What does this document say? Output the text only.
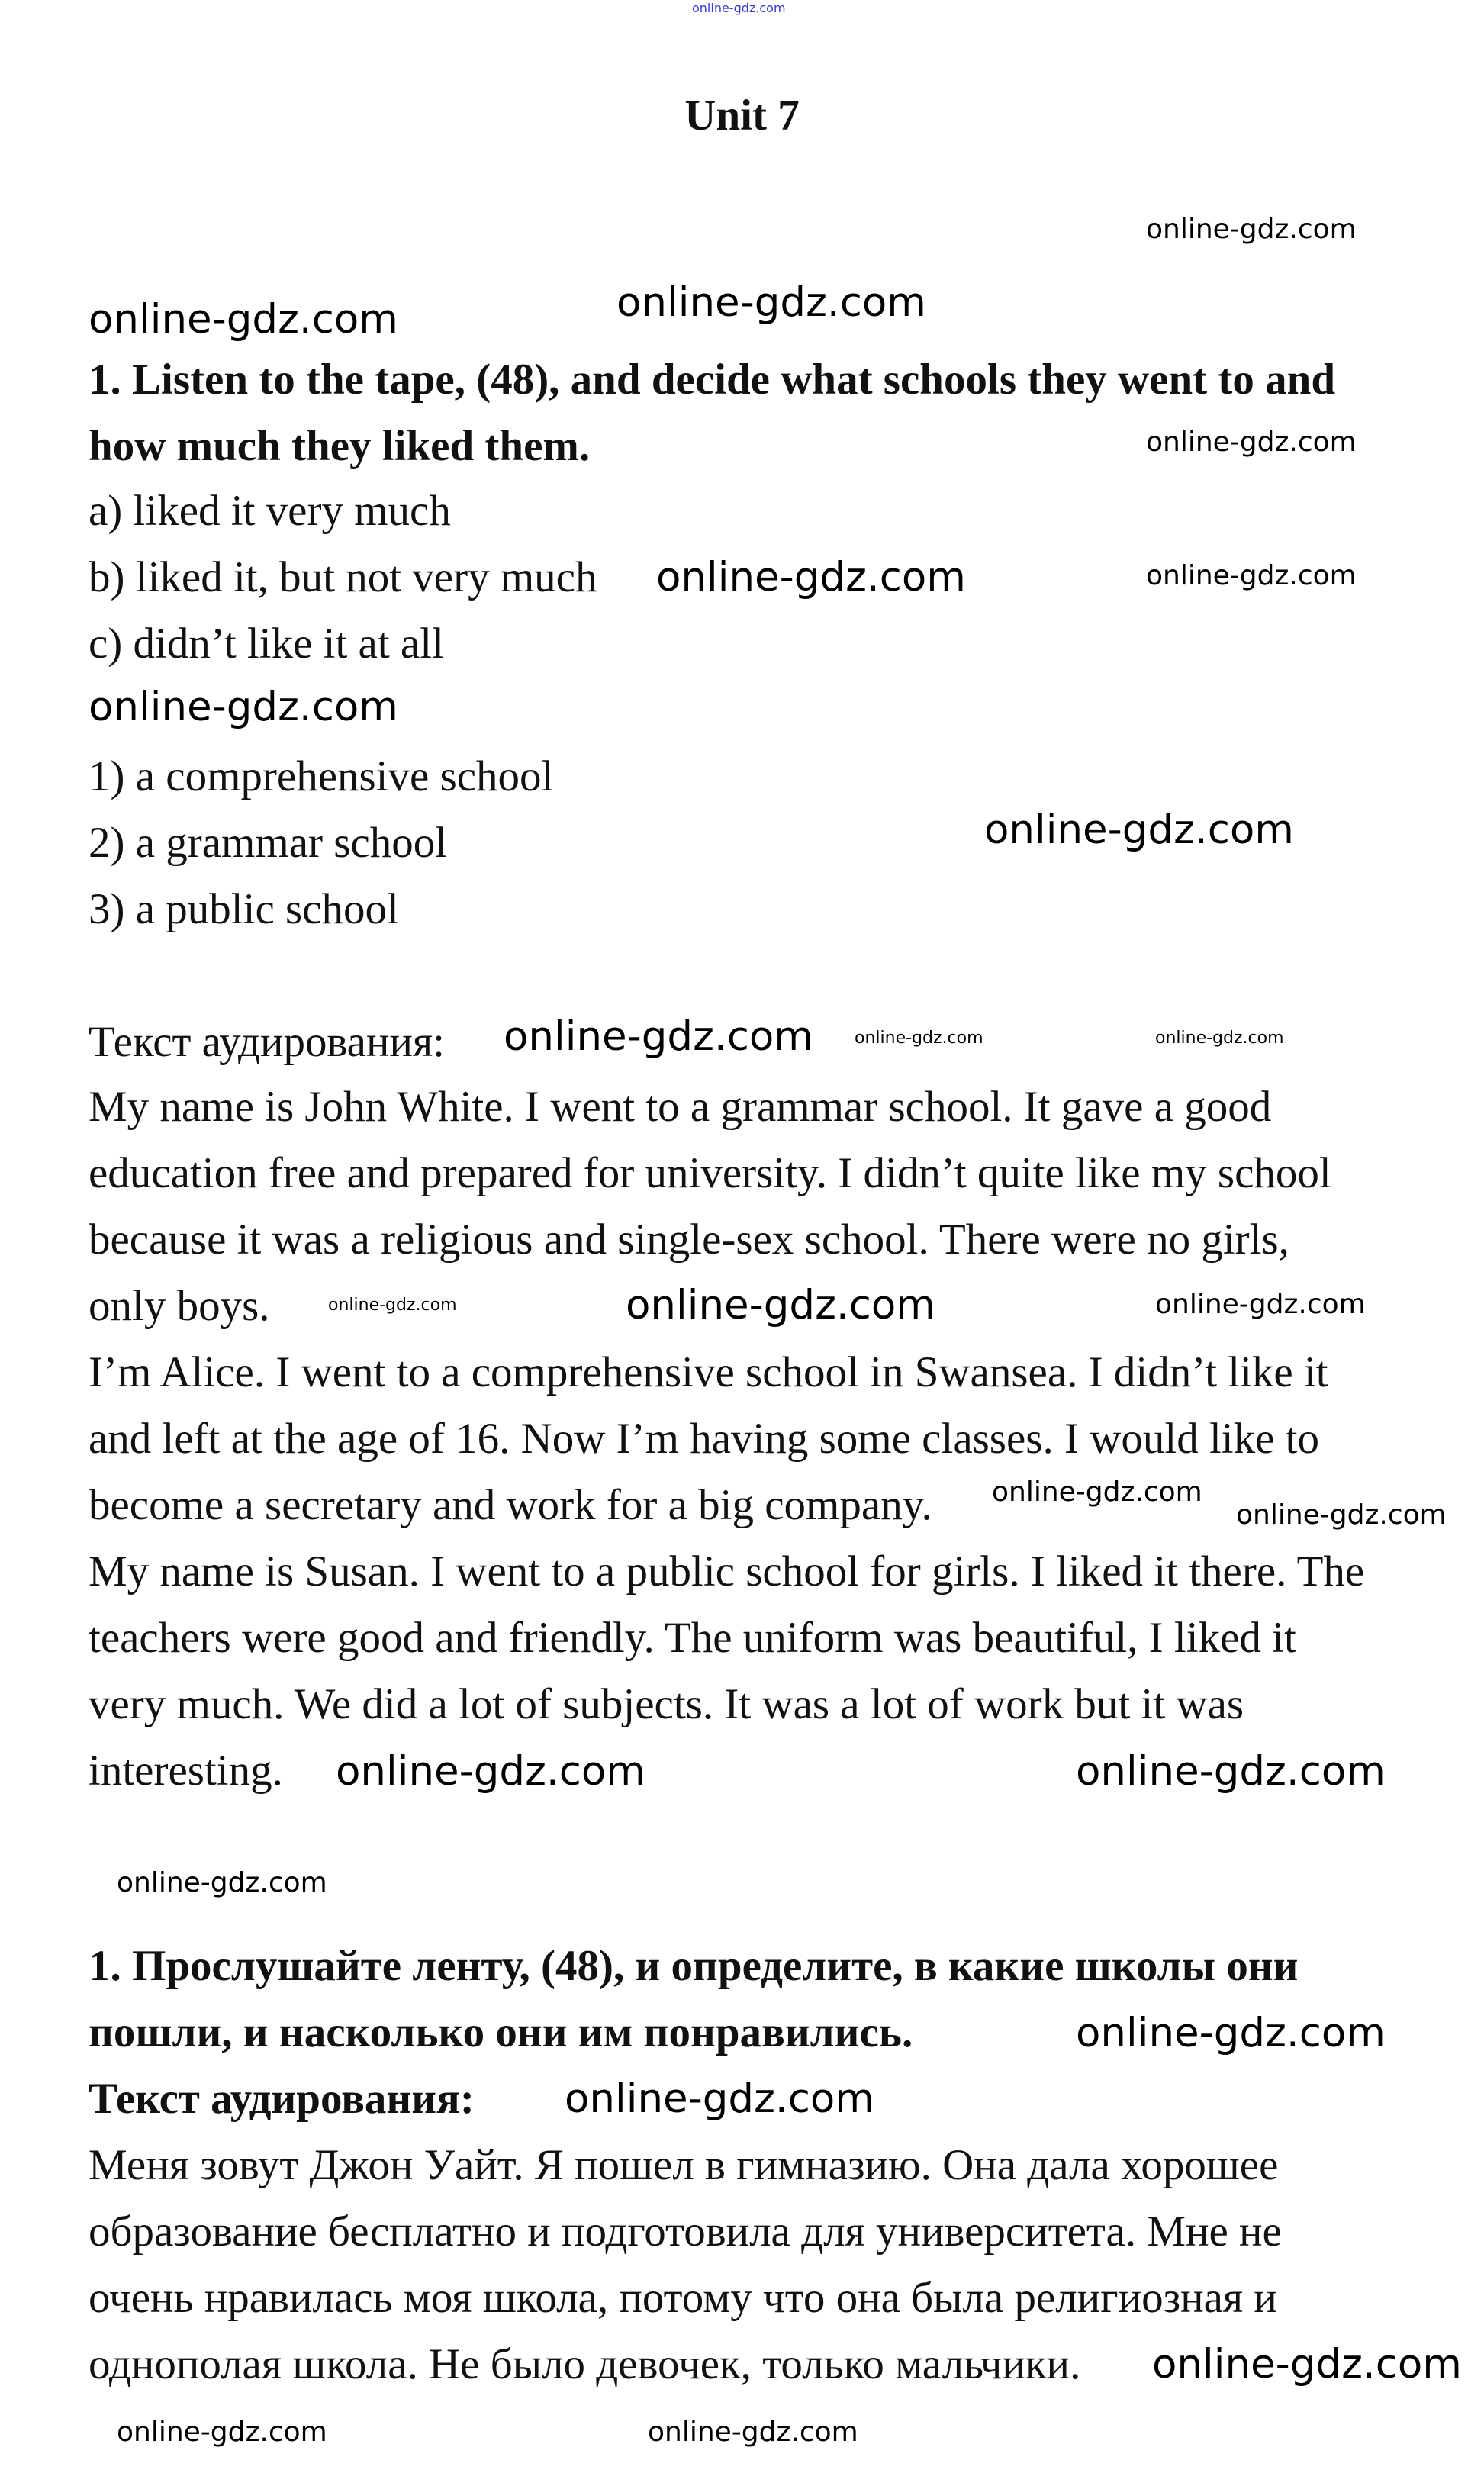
Unit 7
1. Listen to the tape, (48), and decide what schools they went to and
how much they liked them.
a) liked it very much
b) liked it, but not very much
c) didn’t like it at all
1) a comprehensive school
2) a grammar school
3) a public school
Текст аудирования:
My name is John White. I went to a grammar school. It gave a good
education free and prepared for university. I didn’t quite like my school
because it was a religious and single-sex school. There were no girls,
only boys.
I’m Alice. I went to a comprehensive school in Swansea. I didn’t like it
and left at the age of 16. Now I’m having some classes. I would like to
become a secretary and work for a big company.
My name is Susan. I went to a public school for girls. I liked it there. The
teachers were good and friendly. The uniform was beautiful, I liked it
very much. We did a lot of subjects. It was a lot of work but it was
interesting.
1. Прослушайте ленту, (48), и определите, в какие школы они
пошли, и насколько они им понравились.
Текст аудирования:
Меня зовут Джон Уайт. Я пошел в гимназию. Она дала хорошее
образование бесплатно и подготовила для университета. Мне не
очень нравилась моя школа, потому что она была религиозная и
однополая школа. Не было девочек, только мальчики.
online-gdz.com
online-gdz.com
online-gdz.com
online-gdz.com
online-gdz.com
online-gdz.com	online-gdz.com
online-gdz.com
online-gdz.com
online-gdz.com online-gdz.com	online-gdz.com
online-gdz.com	online-gdz.com	online-gdz.com
online-gdz.com
online-gdz.com
online-gdz.com	online-gdz.com
online-gdz.com
online-gdz.com
online-gdz.com
online-gdz.com	online-gdz.com
online-gdz.com
